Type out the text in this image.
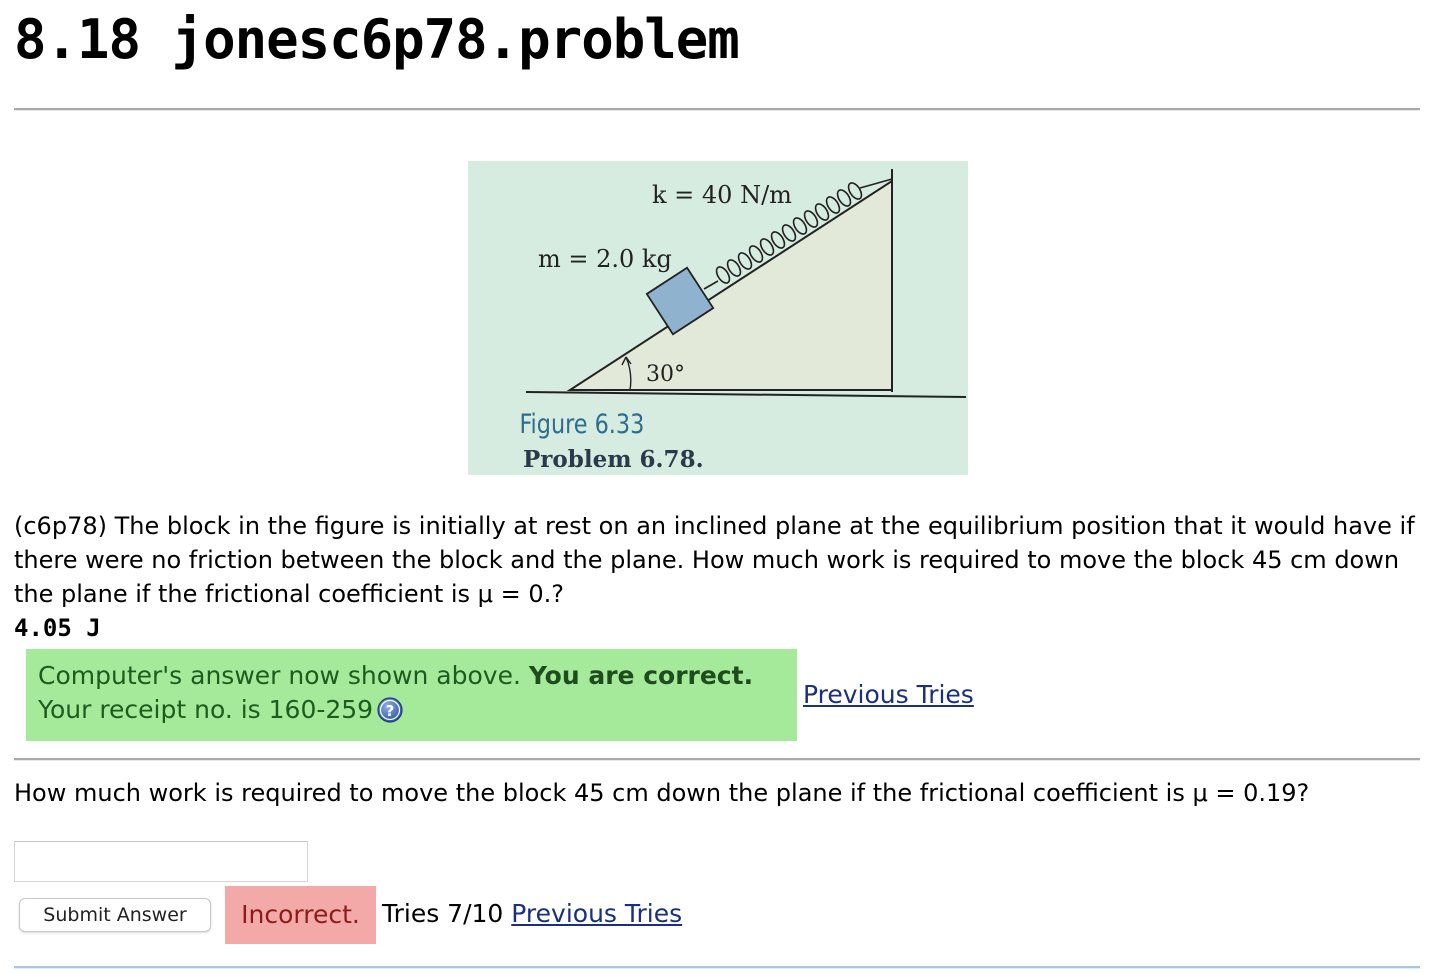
8.18 jonesc6p78.problem
k = 40 N/m
m = 2.0 kg
30°
Figure 6.33
Problem 6.78.

(c6p78) The block in the figure is initially at rest on an inclined plane at the equilibrium position that it would have if there were no friction between the block and the plane. How much work is required to move the block 45 cm down the plane if the frictional coefficient is μ = 0.?

4.05 J

Computer's answer now shown above. You are correct.
Your receipt no. is 160-259 ?
Previous Tries

How much work is required to move the block 45 cm down the plane if the frictional coefficient is μ = 0.19?

Submit Answer	Incorrect. Tries 7/10 Previous Tries
